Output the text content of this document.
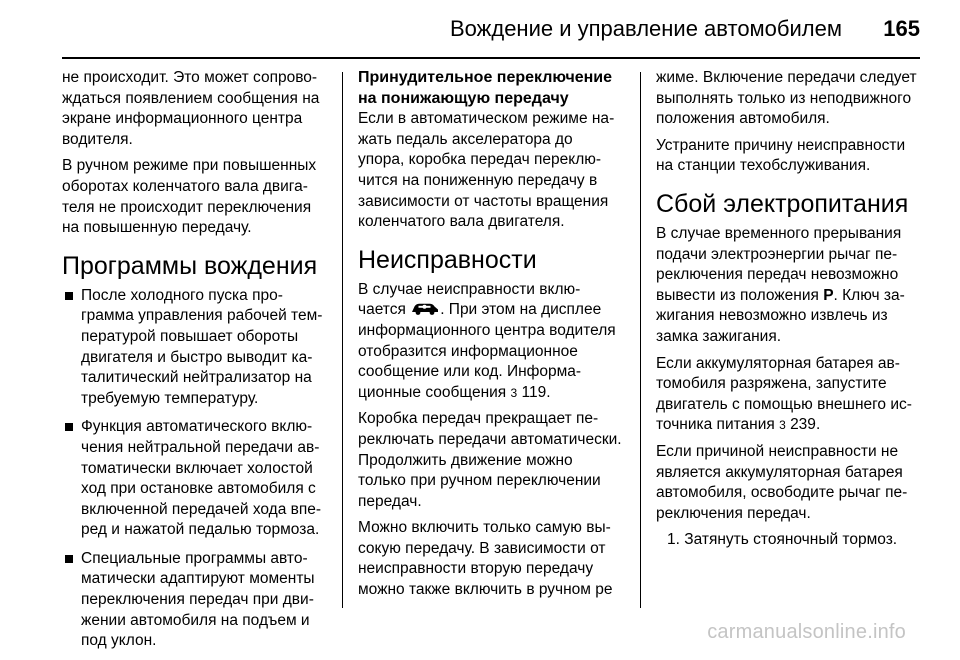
Вождение и управление автомобилем 165

не происходит. Это может сопровождаться появлением сообщения на экране информационного центра водителя.

В ручном режиме при повышенных оборотах коленчатого вала двигателя не происходит переключения на повышенную передачу.

Программы вождения
После холодного пуска программа управления рабочей температурой повышает обороты двигателя и быстро выводит каталитический нейтрализатор на требуемую температуру.
Функция автоматического включения нейтральной передачи автоматически включает холостой ход при остановке автомобиля с включенной передачей хода вперед и нажатой педалью тормоза.
Специальные программы автоматически адаптируют моменты переключения передач при движении автомобиля на подъем и под уклон.
Принудительное переключение на понижающую передачу

Если в автоматическом режиме нажать педаль акселератора до упора, коробка передач переключится на пониженную передачу в зависимости от частоты вращения коленчатого вала двигателя.

Неисправности

В случае неисправности включается . При этом на дисплее информационного центра водителя отобразится информационное сообщение или код. Информационные сообщения 3 119.

Коробка передач прекращает переключать передачи автоматически. Продолжить движение можно только при ручном переключении передач.

Можно включить только самую высокую передачу. В зависимости от неисправности вторую передачу можно также включить в ручном ре

жиме. Включение передачи следует выполнять только из неподвижного положения автомобиля.

Устраните причину неисправности на станции техобслуживания.

Сбой электропитания

В случае временного прерывания подачи электроэнергии рычаг переключения передач невозможно вывести из положения P. Ключ зажигания невозможно извлечь из замка зажигания.

Если аккумуляторная батарея автомобиля разряжена, запустите двигатель с помощью внешнего источника питания 3 239.

Если причиной неисправности не является аккумуляторная батарея автомобиля, освободите рычаг переключения передач.

1. Затянуть стояночный тормоз.
carmanualsonline.info
